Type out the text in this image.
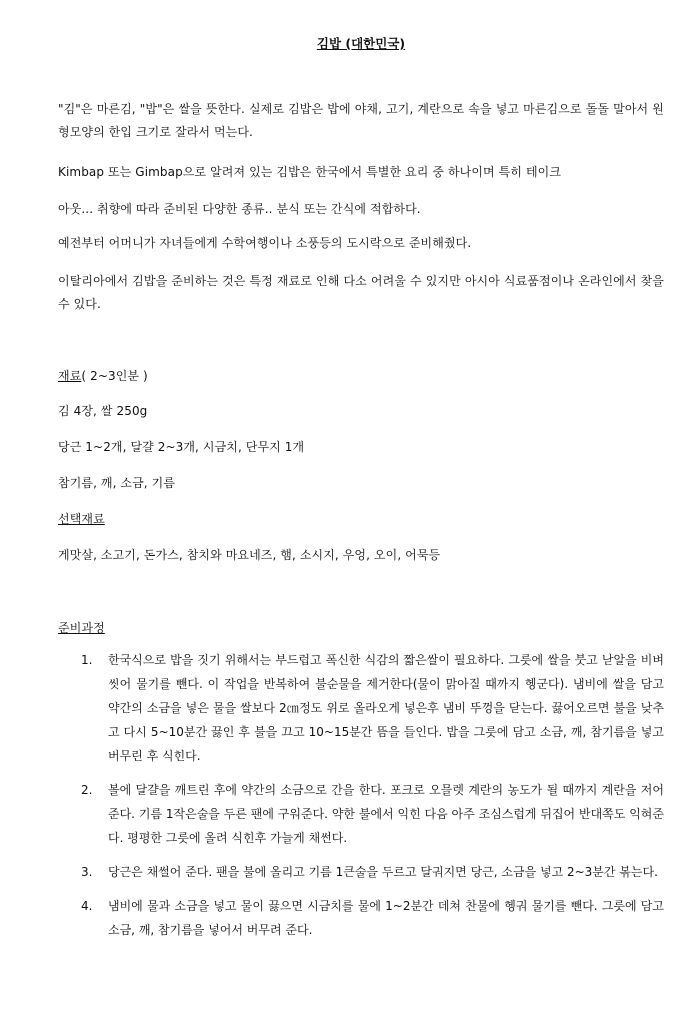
김밥 (대한민국)

"김"은 마른김, "밥"은 쌀을 뜻한다. 실제로 김밥은 밥에 야채, 고기, 계란으로 속을 넣고 마른김으로 돌돌 말아서 원형모양의 한입 크기로 잘라서 먹는다.

Kimbap 또는 Gimbap으로 알려져 있는 김밥은 한국에서 특별한 요리 중 하나이며 특히 테이크

아웃... 취향에 따라 준비된 다양한 종류.. 분식 또는 간식에 적합하다.

예전부터 어머니가 자녀들에게 수학여행이나 소풍등의 도시락으로 준비해줬다.

이탈리아에서 김밥을 준비하는 것은 특정 재료로 인해 다소 어려울 수 있지만 아시아 식료품점이나 온라인에서 찾을수 있다.

재료( 2~3인분 )

김 4장, 쌀 250g

당근 1~2개, 달걀 2~3개, 시금치, 단무지 1개

참기름, 깨, 소금, 기름

선택재료

게맛살, 소고기, 돈가스, 참치와 마요네즈, 햄, 소시지, 우엉, 오이, 어묵등

준비과정

1. 한국식으로 밥을 짓기 위해서는 부드럽고 폭신한 식감의 짧은쌀이 필요하다. 그릇에 쌀을 붓고 낟알을 비벼 씻어 물기를 뺀다. 이 작업을 반복하여 불순물을 제거한다(물이 맑아질 때까지 헹군다). 냄비에 쌀을 담고 약간의 소금을 넣은 물을 쌀보다 2㎝정도 위로 올라오게 넣은후 냄비 뚜껑을 닫는다. 끓어오르면 불을 낮추고 다시 5~10분간 끓인 후 불을 끄고 10~15분간 뜸을 들인다. 밥을 그릇에 담고 소금, 깨, 참기름을 넣고 버무린 후 식힌다.
2. 볼에 달걀을 깨트린 후에 약간의 소금으로 간을 한다. 포크로 오믈렛 계란의 농도가 될 때까지 계란을 저어준다. 기름 1작은술을 두른 팬에 구워준다. 약한 불에서 익힌 다음 아주 조심스럽게 뒤집어 반대쪽도 익혀준다. 평평한 그릇에 올려 식힌후 가늘게 채썬다.
3. 당근은 채썰어 준다. 팬을 불에 올리고 기름 1큰술을 두르고 달궈지면 당근, 소금을 넣고 2~3분간 볶는다.
4. 냄비에 물과 소금을 넣고 물이 끓으면 시금치를 물에 1~2분간 데쳐 찬물에 헹궈 물기를 뺀다. 그릇에 담고 소금, 깨, 참기름을 넣어서 버무려 준다.
